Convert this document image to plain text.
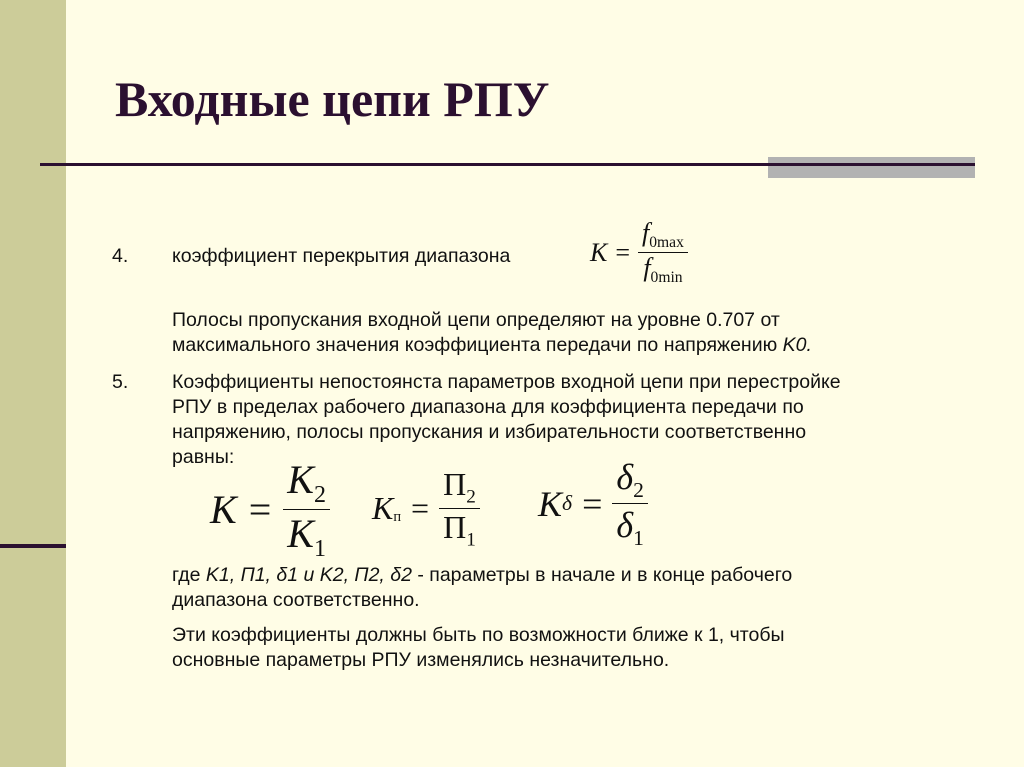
Входные цепи РПУ
4. коэффициент перекрытия диапазона	$K = \frac{f_{0max}}{f_{0min}}$
Полосы пропускания входной цепи определяют на уровне 0.707 от
максимального значения коэффициента передачи по напряжению K0.
5. Коэффициенты непостоянста параметров входной цепи при перестройке
РПУ в пределах рабочего диапазона для коэффициента передачи по
напряжению, полосы пропускания и избирательности соответственно
равны:
$K = \frac{K_2}{K_1} K_п = \frac{П_2}{П_1}$ K $\delta = \frac{\delta_2}{\delta_1}$
где K1, П1, δ1 и K2, П2, δ2 - параметры в начале и в конце рабочего
диапазона соответственно.
Эти коэффициенты должны быть по возможности ближе к 1, чтобы
основные параметры РПУ изменялись незначительно.
